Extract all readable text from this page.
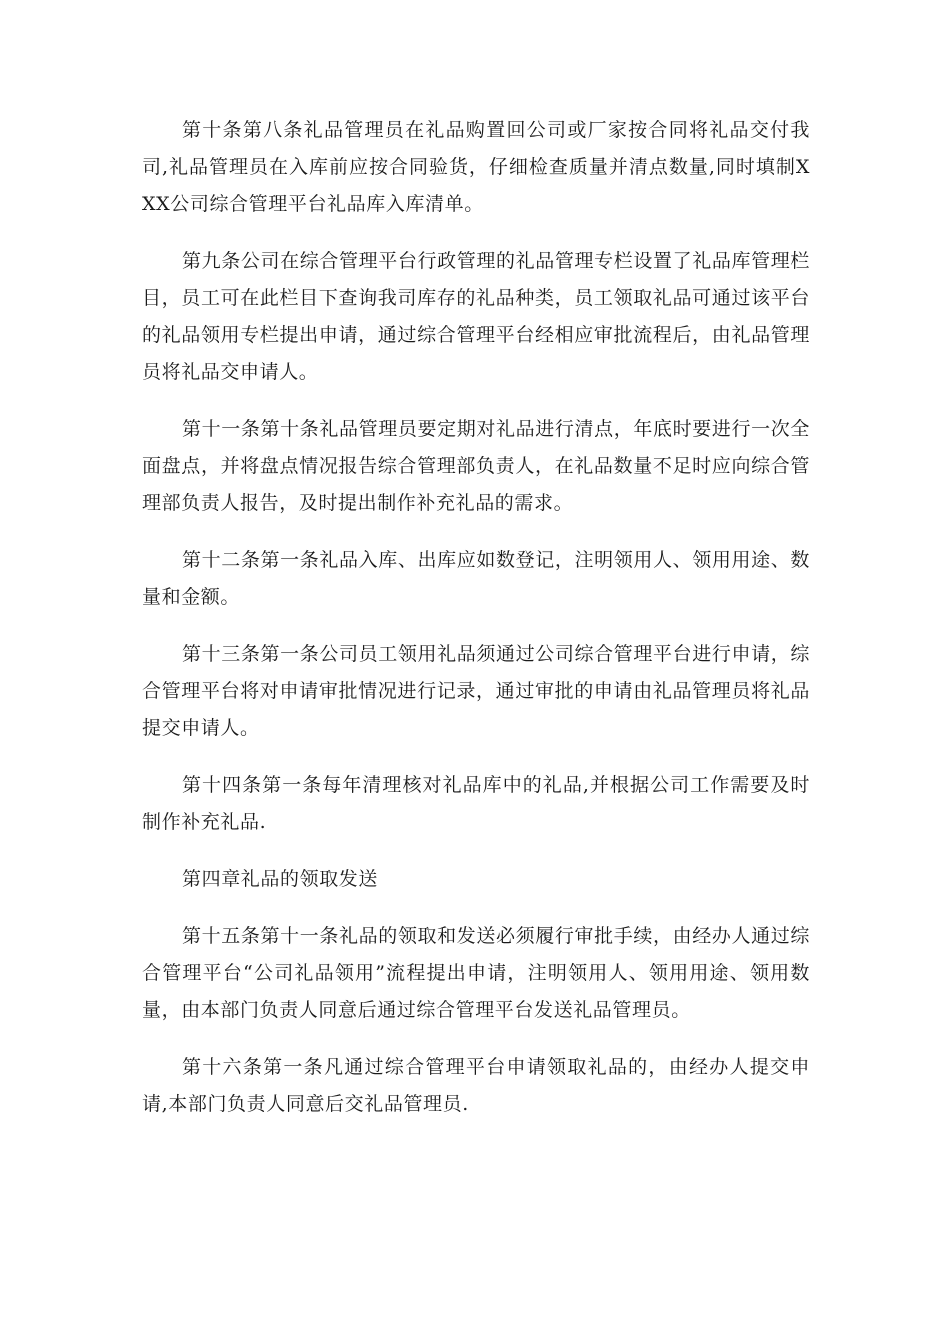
第十条第八条礼品管理员在礼品购置回公司或厂家按合同将礼品交付我司,礼品管理员在入库前应按合同验货，仔细检查质量并清点数量,同时填制XXX公司综合管理平台礼品库入库清单。

第九条公司在综合管理平台行政管理的礼品管理专栏设置了礼品库管理栏目，员工可在此栏目下查询我司库存的礼品种类，员工领取礼品可通过该平台的礼品领用专栏提出申请，通过综合管理平台经相应审批流程后，由礼品管理员将礼品交申请人。

第十一条第十条礼品管理员要定期对礼品进行清点，年底时要进行一次全面盘点，并将盘点情况报告综合管理部负责人，在礼品数量不足时应向综合管理部负责人报告，及时提出制作补充礼品的需求。

第十二条第一条礼品入库、出库应如数登记，注明领用人、领用用途、数量和金额。

第十三条第一条公司员工领用礼品须通过公司综合管理平台进行申请，综合管理平台将对申请审批情况进行记录，通过审批的申请由礼品管理员将礼品提交申请人。

第十四条第一条每年清理核对礼品库中的礼品,并根据公司工作需要及时制作补充礼品.

第四章礼品的领取发送

第十五条第十一条礼品的领取和发送必须履行审批手续，由经办人通过综合管理平台“公司礼品领用”流程提出申请，注明领用人、领用用途、领用数量，由本部门负责人同意后通过综合管理平台发送礼品管理员。

第十六条第一条凡通过综合管理平台申请领取礼品的，由经办人提交申请,本部门负责人同意后交礼品管理员.
